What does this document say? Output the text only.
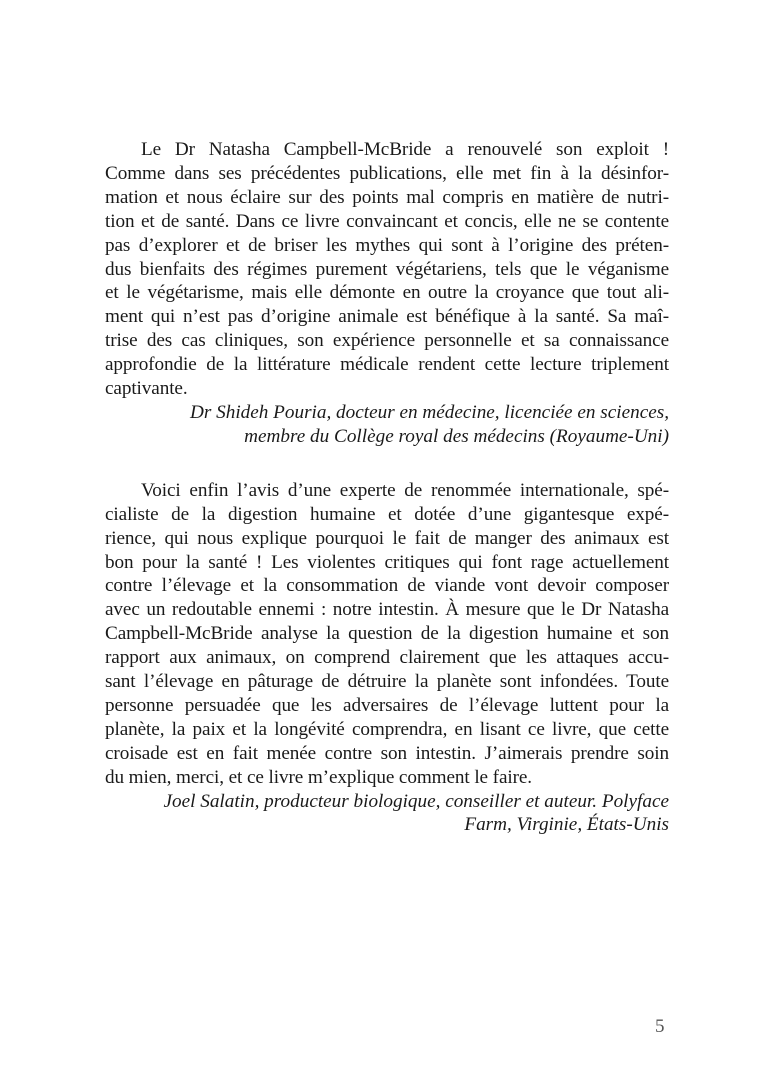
Le Dr Natasha Campbell-McBride a renouvelé son exploit !
Comme dans ses précédentes publications, elle met fin à la désinfor-
mation et nous éclaire sur des points mal compris en matière de nutri-
tion et de santé. Dans ce livre convaincant et concis, elle ne se contente
pas d’explorer et de briser les mythes qui sont à l’origine des préten-
dus bienfaits des régimes purement végétariens, tels que le véganisme
et le végétarisme, mais elle démonte en outre la croyance que tout ali-
ment qui n’est pas d’origine animale est bénéfique à la santé. Sa maî-
trise des cas cliniques, son expérience personnelle et sa connaissance
approfondie de la littérature médicale rendent cette lecture triplement
captivante.
Dr Shideh Pouria, docteur en médecine, licenciée en sciences,
membre du Collège royal des médecins (Royaume-Uni)
Voici enfin l’avis d’une experte de renommée internationale, spé-
cialiste de la digestion humaine et dotée d’une gigantesque expé-
rience, qui nous explique pourquoi le fait de manger des animaux est
bon pour la santé ! Les violentes critiques qui font rage actuellement
contre l’élevage et la consommation de viande vont devoir composer
avec un redoutable ennemi : notre intestin. À mesure que le Dr Natasha
Campbell-McBride analyse la question de la digestion humaine et son
rapport aux animaux, on comprend clairement que les attaques accu-
sant l’élevage en pâturage de détruire la planète sont infondées. Toute
personne persuadée que les adversaires de l’élevage luttent pour la
planète, la paix et la longévité comprendra, en lisant ce livre, que cette
croisade est en fait menée contre son intestin. J’aimerais prendre soin
du mien, merci, et ce livre m’explique comment le faire.
Joel Salatin, producteur biologique, conseiller et auteur. Polyface
Farm, Virginie, États-Unis
5
